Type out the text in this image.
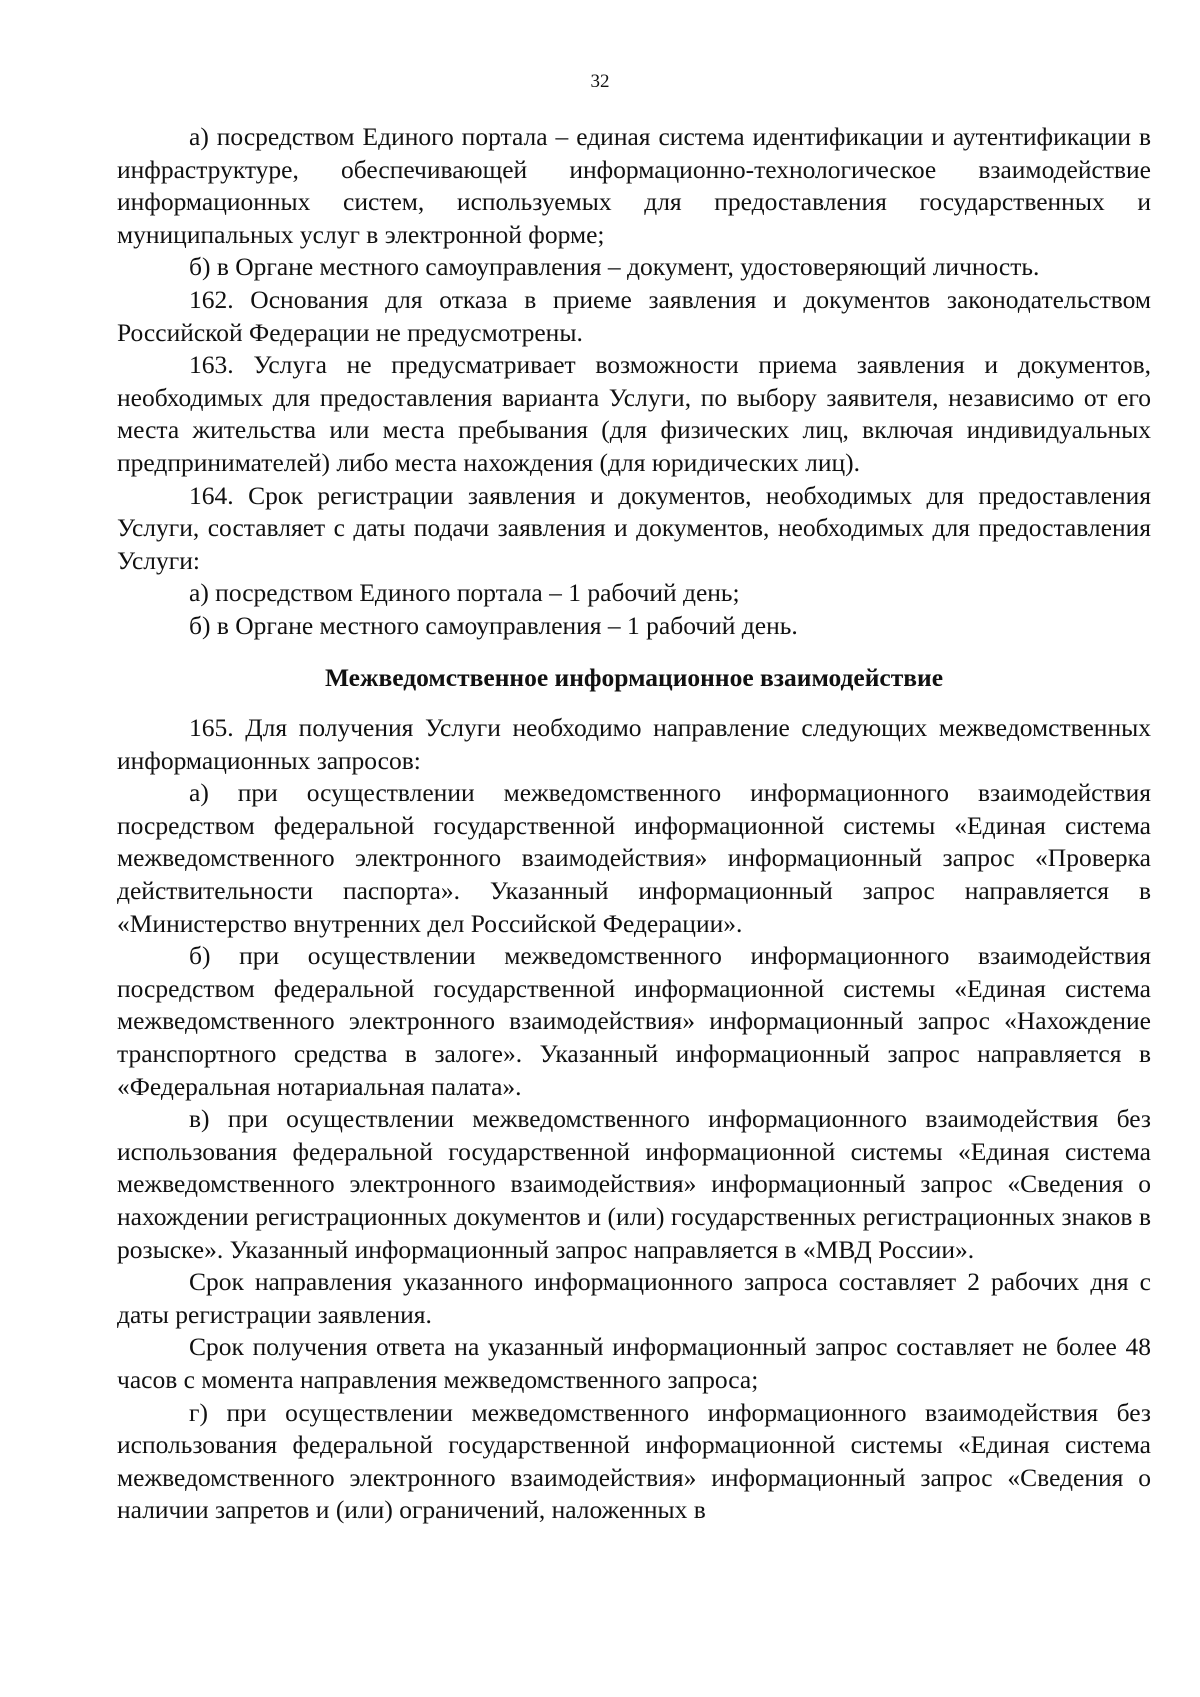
32

а) посредством Единого портала – единая система идентификации и аутентификации в инфраструктуре, обеспечивающей информационно-технологическое взаимодействие информационных систем, используемых для предоставления государственных и муниципальных услуг в электронной форме;

б) в Органе местного самоуправления – документ, удостоверяющий личность.

162. Основания для отказа в приеме заявления и документов законодательством Российской Федерации не предусмотрены.

163. Услуга не предусматривает возможности приема заявления и документов, необходимых для предоставления варианта Услуги, по выбору заявителя, независимо от его места жительства или места пребывания (для физических лиц, включая индивидуальных предпринимателей) либо места нахождения (для юридических лиц).

164. Срок регистрации заявления и документов, необходимых для предоставления Услуги, составляет с даты подачи заявления и документов, необходимых для предоставления Услуги:

а) посредством Единого портала – 1 рабочий день;

б) в Органе местного самоуправления – 1 рабочий день.

Межведомственное информационное взаимодействие

165. Для получения Услуги необходимо направление следующих межведомственных информационных запросов:

а) при осуществлении межведомственного информационного взаимодействия посредством федеральной государственной информационной системы «Единая система межведомственного электронного взаимодействия» информационный запрос «Проверка действительности паспорта». Указанный информационный запрос направляется в «Министерство внутренних дел Российской Федерации».

б) при осуществлении межведомственного информационного взаимодействия посредством федеральной государственной информационной системы «Единая система межведомственного электронного взаимодействия» информационный запрос «Нахождение транспортного средства в залоге». Указанный информационный запрос направляется в «Федеральная нотариальная палата».

в) при осуществлении межведомственного информационного взаимодействия без использования федеральной государственной информационной системы «Единая система межведомственного электронного взаимодействия» информационный запрос «Сведения о нахождении регистрационных документов и (или) государственных регистрационных знаков в розыске». Указанный информационный запрос направляется в «МВД России».

Срок направления указанного информационного запроса составляет 2 рабочих дня с даты регистрации заявления.

Срок получения ответа на указанный информационный запрос составляет не более 48 часов с момента направления межведомственного запроса;

г) при осуществлении межведомственного информационного взаимодействия без использования федеральной государственной информационной системы «Единая система межведомственного электронного взаимодействия» информационный запрос «Сведения о наличии запретов и (или) ограничений, наложенных в
